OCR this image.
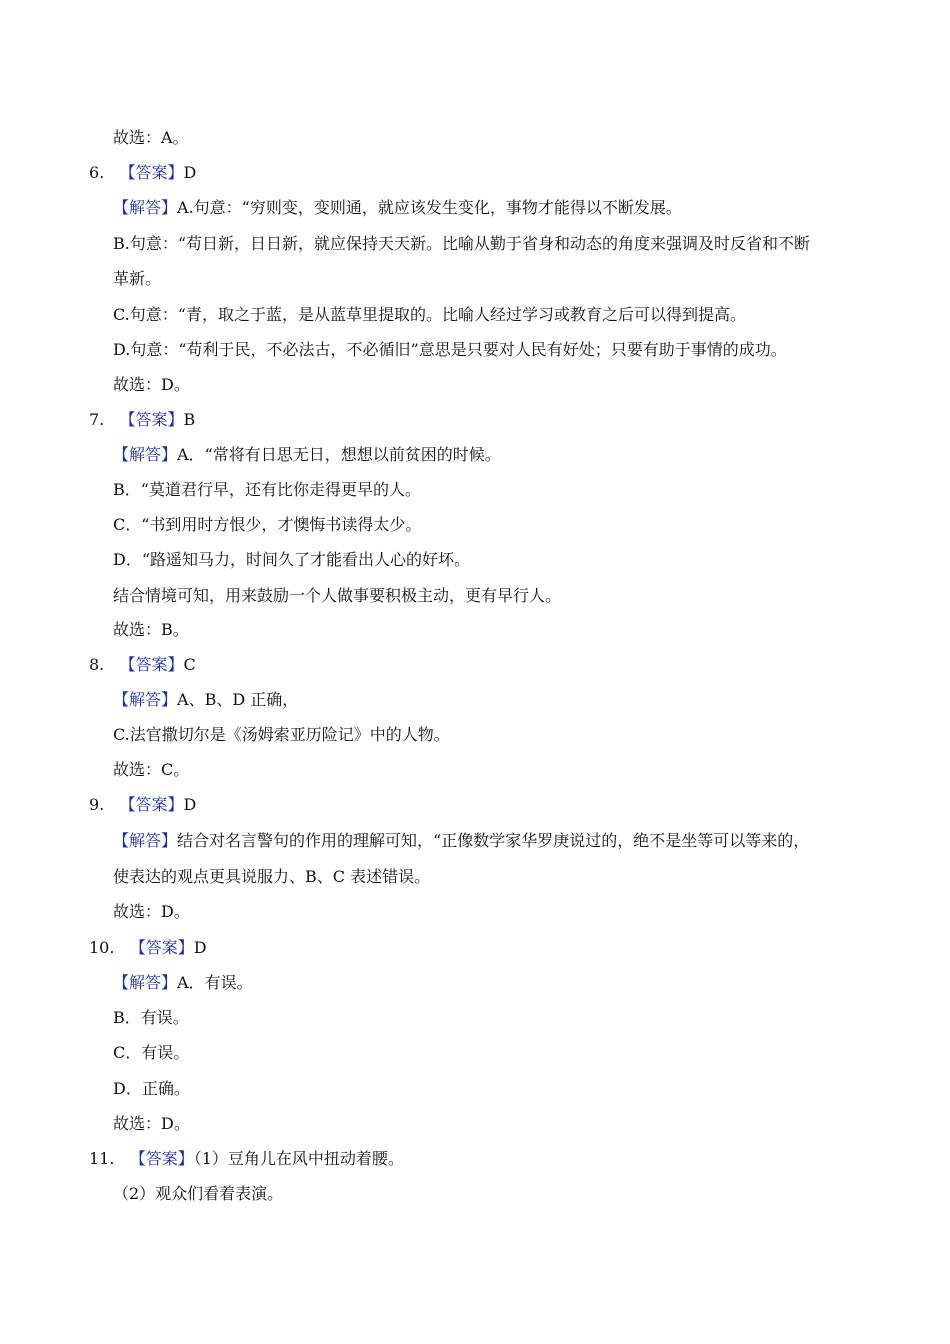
故选：A。
6. 【答案】D
【解答】A.句意：“穷则变，变则通，就应该发生变化，事物才能得以不断发展。
B.句意：“苟日新，日日新，就应保持天天新。比喻从勤于省身和动态的角度来强调及时反省和不断
革新。
C.句意：“青，取之于蓝，是从蓝草里提取的。比喻人经过学习或教育之后可以得到提高。
D.句意：“苟利于民，不必法古，不必循旧”意思是只要对人民有好处；只要有助于事情的成功。
故选：D。
7. 【答案】B
【解答】A．“常将有日思无日，想想以前贫困的时候。
B．“莫道君行早，还有比你走得更早的人。
C．“书到用时方恨少，才懊悔书读得太少。
D．“路遥知马力，时间久了才能看出人心的好坏。
结合情境可知，用来鼓励一个人做事要积极主动，更有早行人。
故选：B。
8. 【答案】C
【解答】A、B、D 正确，
C.法官撒切尔是《汤姆索亚历险记》中的人物。
故选：C。
9. 【答案】D
【解答】结合对名言警句的作用的理解可知，“正像数学家华罗庚说过的，绝不是坐等可以等来的，
使表达的观点更具说服力、B、C 表述错误。
故选：D。
10. 【答案】D
【解答】A．有误。
B．有误。
C．有误。
D．正确。
故选：D。
11. 【答案】（1）豆角儿在风中扭动着腰。
（2）观众们看着表演。
